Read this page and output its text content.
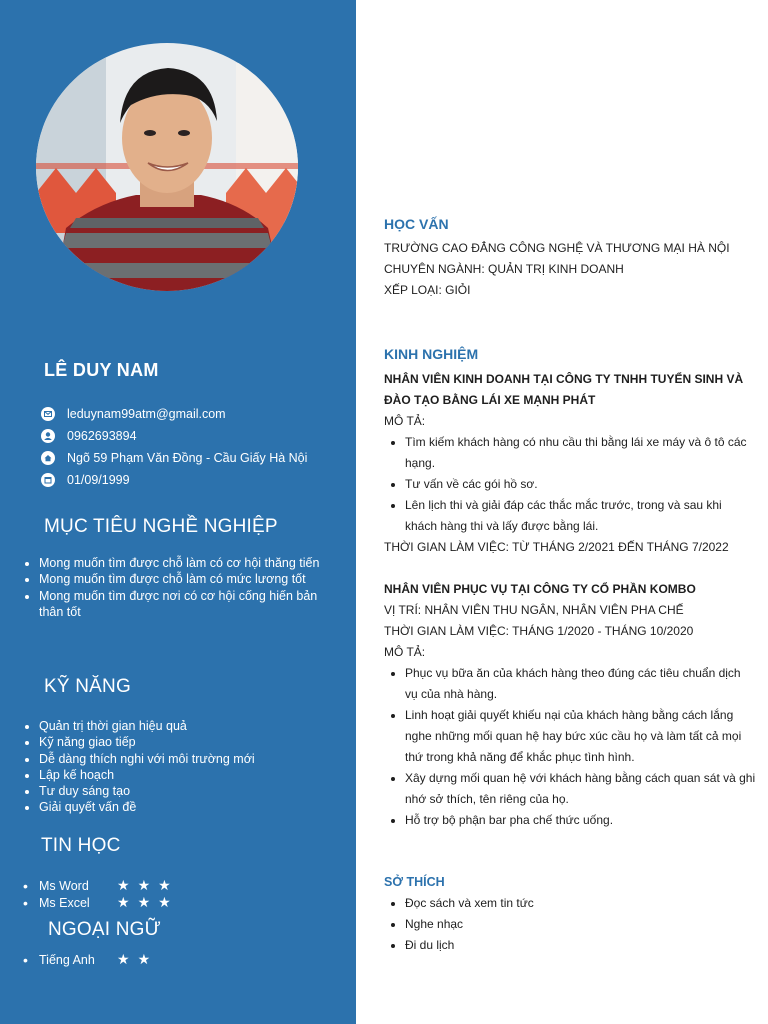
LÊ DUY NAM
leduynam99atm@gmail.com
0962693894
Ngõ 59 Phạm Văn Đồng - Cầu Giấy Hà Nội
01/09/1999
MỤC TIÊU NGHỀ NGHIỆP
• Mong muốn tìm được chỗ làm có cơ hội thăng tiến
• Mong muốn tìm được chỗ làm có mức lương tốt
• Mong muốn tìm được nơi có cơ hội cống hiến bản thân tốt
KỸ NĂNG
• Quản trị thời gian hiệu quả
• Kỹ năng giao tiếp
• Dễ dàng thích nghi với môi trường mới
• Lập kế hoạch
• Tư duy sáng tạo
• Giải quyết vấn đề
TIN HỌC
• Ms Word	★ ★ ★
• Ms Excel	★ ★ ★
NGOẠI NGỮ
• Tiếng Anh	★ ★
HỌC VẤN
TRƯỜNG CAO ĐẲNG CÔNG NGHỆ VÀ THƯƠNG MẠI HÀ NỘI
CHUYÊN NGÀNH: QUẢN TRỊ KINH DOANH
XẾP LOẠI: GIỎI
KINH NGHIỆM
NHÂN VIÊN KINH DOANH TẠI CÔNG TY TNHH TUYỂN SINH VÀ ĐÀO TẠO BẰNG LÁI XE MẠNH PHÁT
MÔ TẢ:
• Tìm kiếm khách hàng có nhu cầu thi bằng lái xe máy và ô tô các hạng.
• Tư vấn về các gói hồ sơ.
• Lên lịch thi và giải đáp các thắc mắc trước, trong và sau khi khách hàng thi và lấy được bằng lái.
THỜI GIAN LÀM VIỆC: TỪ THÁNG 2/2021 ĐẾN THÁNG 7/2022
NHÂN VIÊN PHỤC VỤ TẠI CÔNG TY CỔ PHẦN KOMBO
VỊ TRÍ: NHÂN VIÊN THU NGÂN, NHÂN VIÊN PHA CHẾ
THỜI GIAN LÀM VIỆC: THÁNG 1/2020 - THÁNG 10/2020
MÔ TẢ:
• Phục vụ bữa ăn của khách hàng theo đúng các tiêu chuẩn dịch vụ của nhà hàng.
• Linh hoạt giải quyết khiếu nại của khách hàng bằng cách lắng nghe những mối quan hệ hay bức xúc cầu họ và làm tất cả mọi thứ trong khả năng để khắc phục tình hình.
• Xây dựng mối quan hệ với khách hàng bằng cách quan sát và ghi nhớ sở thích, tên riêng của họ.
• Hỗ trợ bộ phận bar pha chế thức uống.
SỞ THÍCH
• Đọc sách và xem tin tức
• Nghe nhạc
• Đi du lịch
